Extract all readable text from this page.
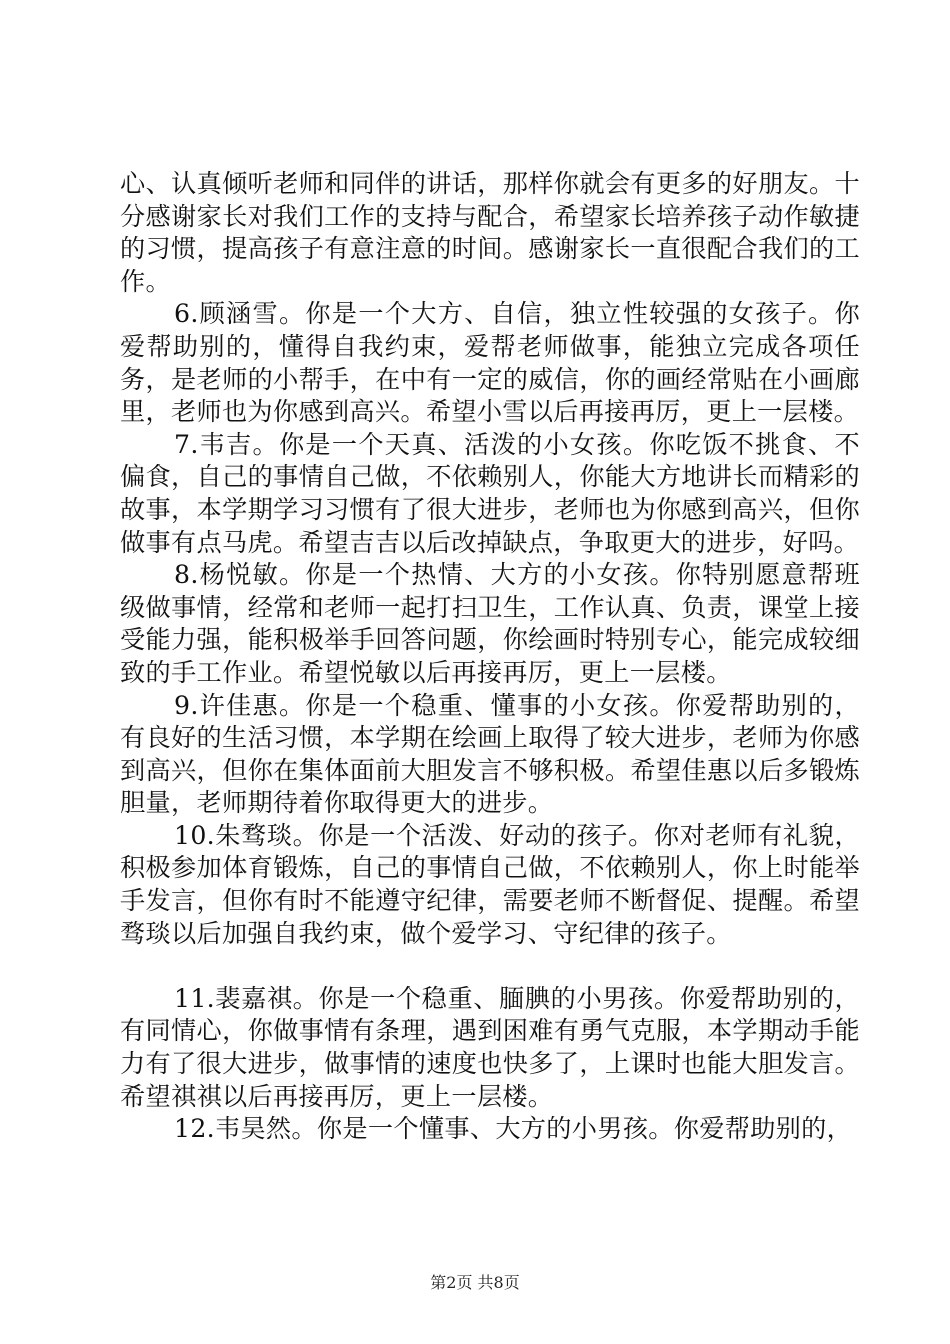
心、认真倾听老师和同伴的讲话，那样你就会有更多的好朋友。十分感谢家长对我们工作的支持与配合，希望家长培养孩子动作敏捷的习惯，提高孩子有意注意的时间。感谢家长一直很配合我们的工作。

6.顾涵雪。你是一个大方、自信，独立性较强的女孩子。你爱帮助别的，懂得自我约束，爱帮老师做事，能独立完成各项任务，是老师的小帮手，在中有一定的威信，你的画经常贴在小画廊里，老师也为你感到高兴。希望小雪以后再接再厉，更上一层楼。

7.韦吉。你是一个天真、活泼的小女孩。你吃饭不挑食、不偏食，自己的事情自己做，不依赖别人，你能大方地讲长而精彩的故事，本学期学习习惯有了很大进步，老师也为你感到高兴，但你做事有点马虎。希望吉吉以后改掉缺点，争取更大的进步，好吗。

8.杨悦敏。你是一个热情、大方的小女孩。你特别愿意帮班级做事情，经常和老师一起打扫卫生，工作认真、负责，课堂上接受能力强，能积极举手回答问题，你绘画时特别专心，能完成较细致的手工作业。希望悦敏以后再接再厉，更上一层楼。

9.许佳惠。你是一个稳重、懂事的小女孩。你爱帮助别的，有良好的生活习惯，本学期在绘画上取得了较大进步，老师为你感到高兴，但你在集体面前大胆发言不够积极。希望佳惠以后多锻炼胆量，老师期待着你取得更大的进步。

10.朱骛琰。你是一个活泼、好动的孩子。你对老师有礼貌，积极参加体育锻炼，自己的事情自己做，不依赖别人，你上时能举手发言，但你有时不能遵守纪律，需要老师不断督促、提醒。希望骛琰以后加强自我约束，做个爱学习、守纪律的孩子。

11.裴嘉祺。你是一个稳重、腼腆的小男孩。你爱帮助别的，有同情心，你做事情有条理，遇到困难有勇气克服，本学期动手能力有了很大进步，做事情的速度也快多了，上课时也能大胆发言。希望祺祺以后再接再厉，更上一层楼。

12.韦昊然。你是一个懂事、大方的小男孩。你爱帮助别的，

第2页 共8页
